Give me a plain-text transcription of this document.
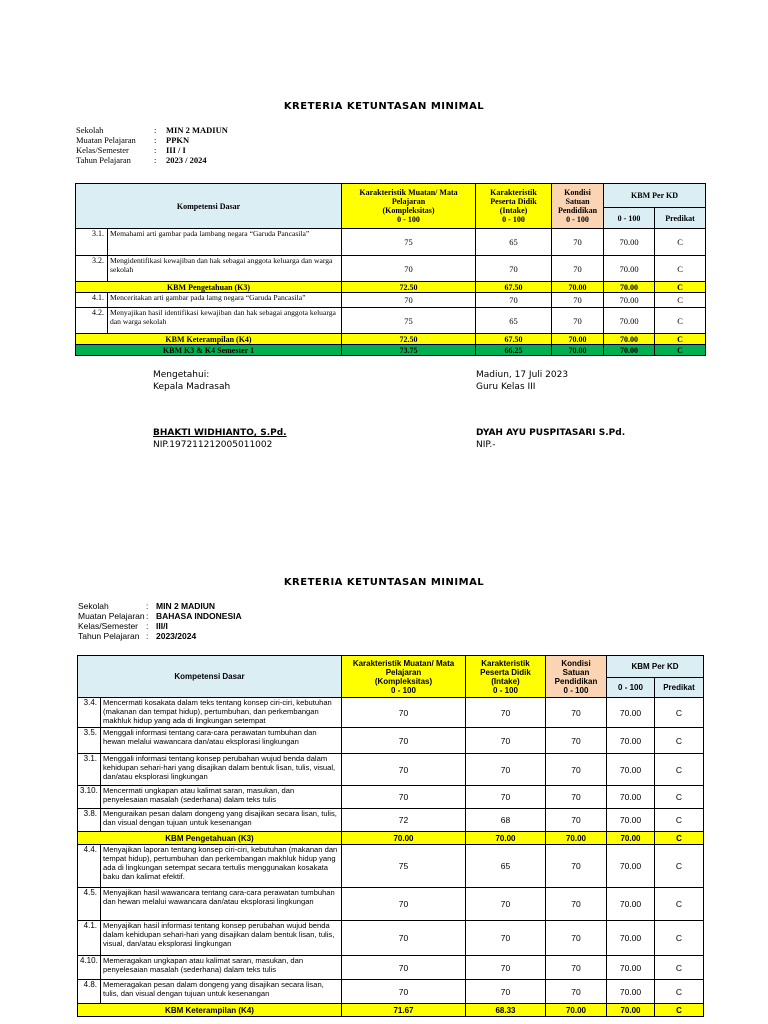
KRETERIA KETUNTASAN MINIMAL
Sekolah	:	MIN 2 MADIUN
Muatan Pelajaran	:	PPKN
Kelas/Semester	:	III / I
Tahun Pelajaran	:	2023 / 2024
Kompetensi Dasar		Karakteristik Muatan/ Mata Pelajaran
(Kompleksitas)
0 - 100	Karakteristik Peserta Didik
(Intake)
0 - 100	Kondisi Satuan
Pendidikan
0 - 100	KBM Per KD	
					0 - 100	Predikat
3.1.	Memahami arti gambar pada lambang negara “Garuda Pancasila”	75	65	70	70.00	C
3.2.	Mengidentifikasi kewajiban dan hak sebagai anggota keluarga dan warga sekolah	70	70	70	70.00	C
KBM Pengetahuan (K3)		72.50	67.50	70.00	70.00	C
4.1.	Menceritakan arti gambar pada lamg negara “Garuda Pancasila”	70	70	70	70.00	C
4.2.	Menyajikan hasil identifikasi kewajiban dan hak sebagai anggota keluarga dan warga sekolah	75	65	70	70.00	C
KBM Keterampilan (K4)		72.50	67.50	70.00	70.00	C
KBM K3 & K4 Semester 1		73.75	66.25	70.00	70.00	C
Mengetahui:
Kepala Madrasah
BHAKTI WIDHIANTO, S.Pd.
NIP.197211212005011002
Madiun, 17 Juli 2023
Guru Kelas III
DYAH AYU PUSPITASARI S.Pd.
NIP.-
KRETERIA KETUNTASAN MINIMAL
Sekolah	:	MIN 2 MADIUN
Muatan Pelajaran	:	BAHASA INDONESIA
Kelas/Semester	:	III/I
Tahun Pelajaran	:	2023/2024
Kompetensi Dasar		Karakteristik Muatan/ Mata Pelajaran
(Kompleksitas)
0 - 100	Karakteristik Peserta Didik
(Intake)
0 - 100	Kondisi Satuan
Pendidikan
0 - 100	KBM Per KD	
					0 - 100	Predikat
3.4.	Mencermati kosakata dalam teks tentang konsep ciri-ciri, kebutuhan (makanan dan tempat hidup), pertumbuhan, dan perkembangan makhluk hidup yang ada di lingkungan setempat	70	70	70	70.00	C
3.5.	Menggali informasi tentang cara-cara perawatan tumbuhan dan hewan melalui wawancara dan/atau eksplorasi lingkungan	70	70	70	70.00	C
3.1.	Menggali informasi tentang konsep perubahan wujud benda dalam kehidupan sehari-hari yang disajikan dalam bentuk lisan, tulis, visual, dan/atau eksplorasi lingkungan	70	70	70	70.00	C
3.10.	Mencermati ungkapan atau kalimat saran, masukan, dan penyelesaian masalah (sederhana) dalam teks tulis	70	70	70	70.00	C
3.8.	Menguraikan pesan dalam dongeng yang disajikan secara lisan, tulis, dan visual dengan tujuan untuk kesenangan	72	68	70	70.00	C
KBM Pengetahuan (K3)		70.00	70.00	70.00	70.00	C
4.4.	Menyajikan laporan tentang konsep ciri-ciri, kebutuhan (makanan dan tempat hidup), pertumbuhan dan perkembangan makhluk hidup yang ada di lingkungan setempat secara tertulis menggunakan kosakata baku dan kalimat efektif.	75	65	70	70.00	C
4.5.	Menyajikan hasil wawancara tentang cara-cara perawatan tumbuhan dan hewan melalui wawancara dan/atau eksplorasi lingkungan	70	70	70	70.00	C
4.1.	Menyajikan hasil informasi tentang konsep perubahan wujud benda dalam kehidupan sehari-hari yang disajikan dalam bentuk lisan, tulis, visual, dan/atau eksplorasi lingkungan	70	70	70	70.00	C
4.10.	Memeragakan ungkapan atau kalimat saran, masukan, dan penyelesaian masalah (sederhana) dalam teks tulis	70	70	70	70.00	C
4.8.	Memeragakan pesan dalam dongeng yang disajikan secara lisan, tulis, dan visual dengan tujuan untuk kesenangan	70	70	70	70.00	C
KBM Keterampilan (K4)		71.67	68.33	70.00	70.00	C
